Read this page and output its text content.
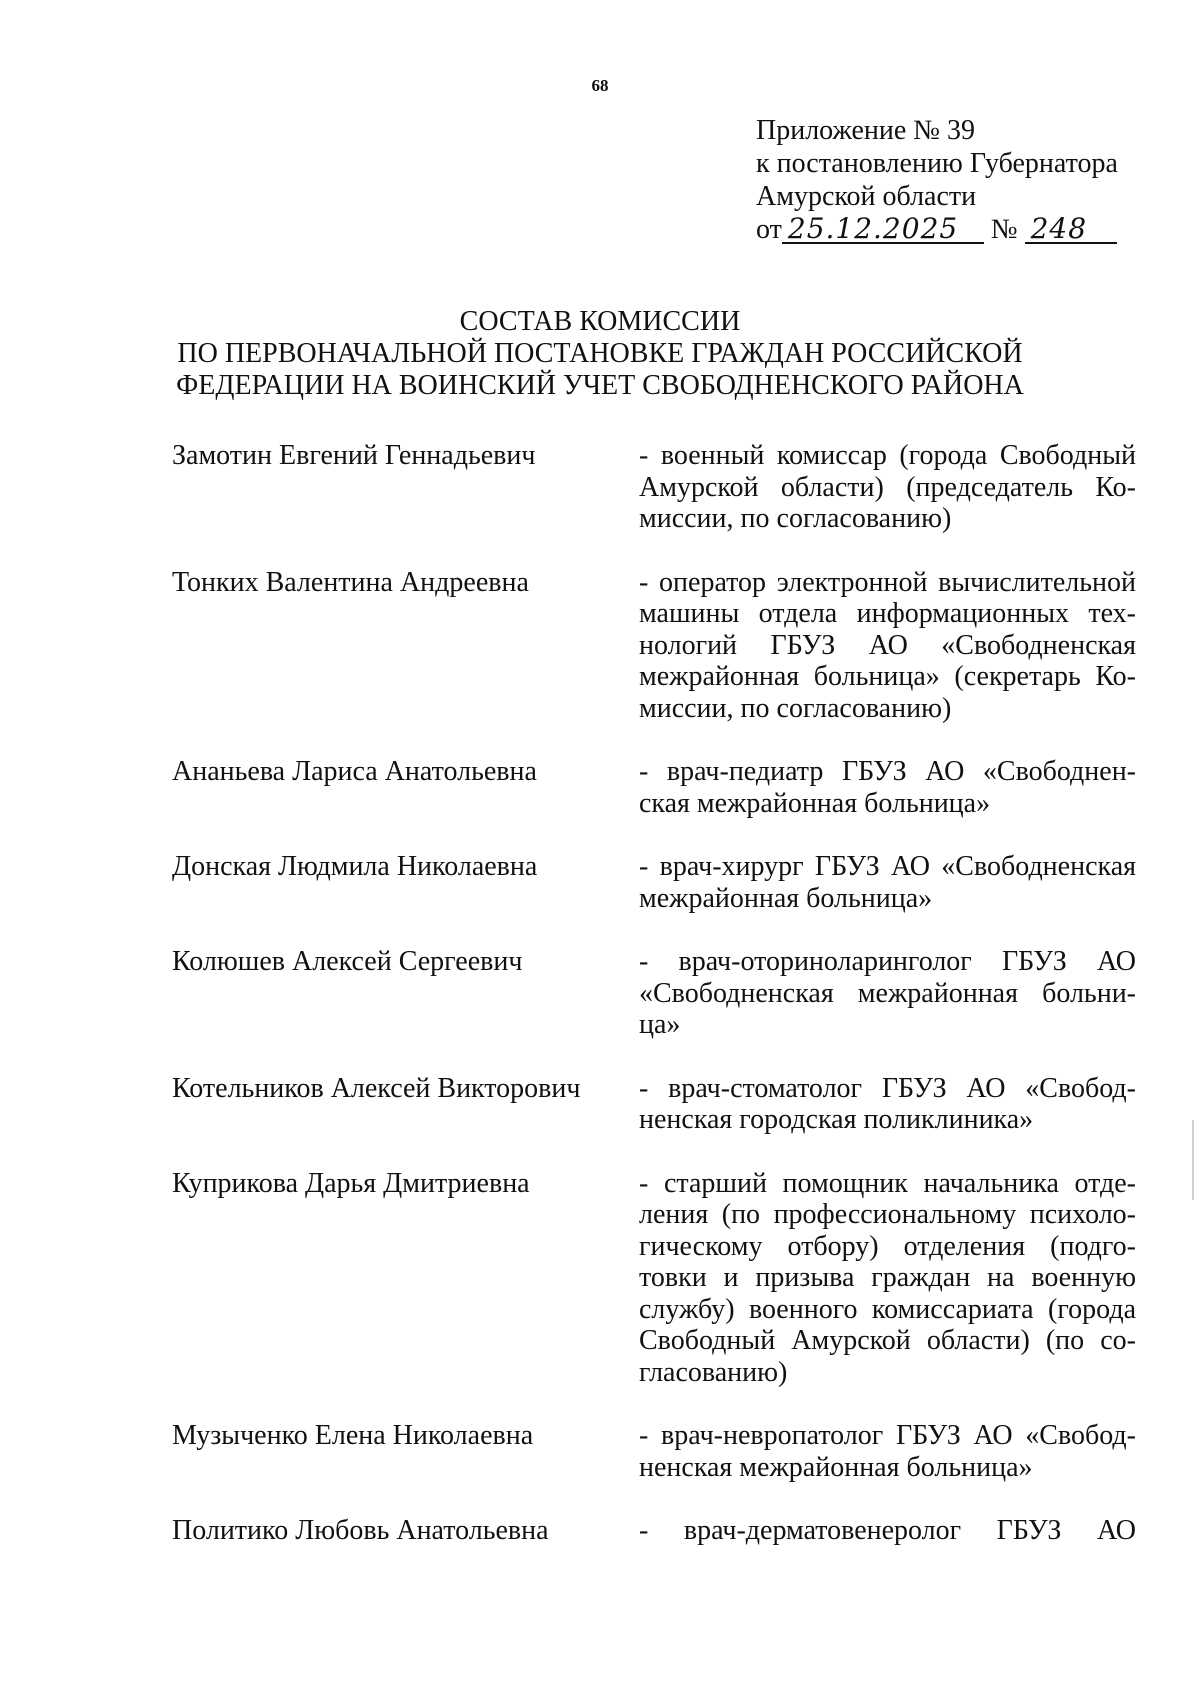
68
Приложение № 39
к постановлению Губернатора
Амурской области
от 25.12.2025 № 248
СОСТАВ КОМИССИИ
ПО ПЕРВОНАЧАЛЬНОЙ ПОСТАНОВКЕ ГРАЖДАН РОССИЙСКОЙ
ФЕДЕРАЦИИ НА ВОИНСКИЙ УЧЕТ СВОБОДНЕНСКОГО РАЙОНА
Замотин Евгений Геннадьевич	- военный комиссар (города Свободный
Амурской области) (председатель Ко-
миссии, по согласованию)
Тонких Валентина Андреевна	- оператор электронной вычислительной
машины отдела информационных тех-
нологий ГБУЗ АО «Свободненская
межрайонная больница» (секретарь Ко-
миссии, по согласованию)
Ананьева Лариса Анатольевна	- врач-педиатр ГБУЗ АО «Свободнен-
ская межрайонная больница»
Донская Людмила Николаевна	- врач-хирург ГБУЗ АО «Свободненская
межрайонная больница»
Колюшев Алексей Сергеевич	- врач-оториноларинголог ГБУЗ АО
«Свободненская межрайонная больни-
ца»
Котельников Алексей Викторович	- врач-стоматолог ГБУЗ АО «Свобод-
ненская городская поликлиника»
Куприкова Дарья Дмитриевна	- старший помощник начальника отде-
ления (по профессиональному психоло-
гическому отбору) отделения (подго-
товки и призыва граждан на военную
службу) военного комиссариата (города
Свободный Амурской области) (по со-
гласованию)
Музыченко Елена Николаевна	- врач-невропатолог ГБУЗ АО «Свобод-
ненская межрайонная больница»
Политико Любовь Анатольевна	- врач-дерматовенеролог ГБУЗ АО
